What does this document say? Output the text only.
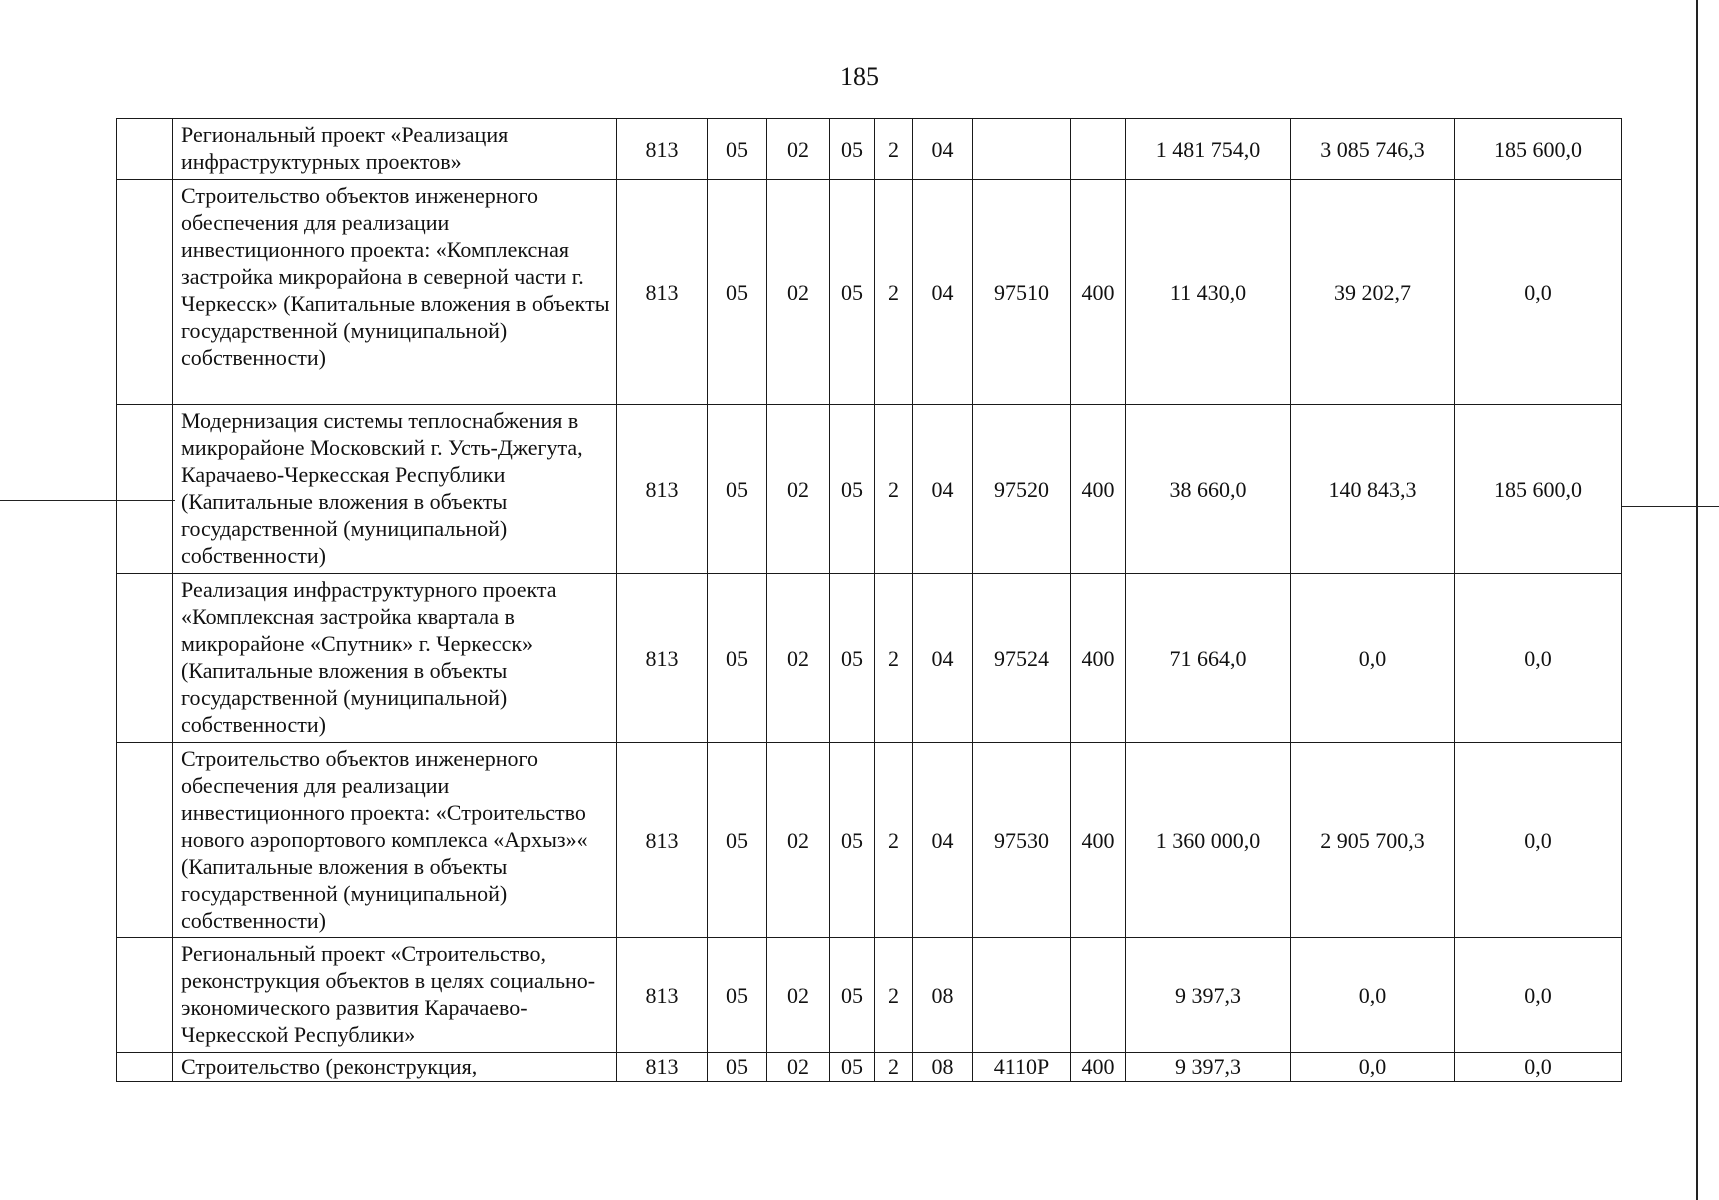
185
	Региональный проект «Реализация инфраструктурных проектов»	813	05	02	05	2	04			1 481 754,0	3 085 746,3	185 600,0
	Строительство объектов инженерного обеспечения для реализации инвестиционного проекта: «Комплексная застройка микрорайона в северной части г. Черкесск» (Капитальные вложения в объекты государственной (муниципальной) собственности)	813	05	02	05	2	04	97510	400	11 430,0	39 202,7	0,0
	Модернизация системы теплоснабжения в микрорайоне Московский г. Усть-Джегута, Карачаево-Черкесская Республики (Капитальные вложения в объекты государственной (муниципальной) собственности)	813	05	02	05	2	04	97520	400	38 660,0	140 843,3	185 600,0
	Реализация инфраструктурного проекта «Комплексная застройка квартала в микрорайоне «Спутник» г. Черкесск» (Капитальные вложения в объекты государственной (муниципальной) собственности)	813	05	02	05	2	04	97524	400	71 664,0	0,0	0,0
	Строительство объектов инженерного обеспечения для реализации инвестиционного проекта: «Строительство нового аэропортового комплекса «Архыз»« (Капитальные вложения в объекты государственной (муниципальной) собственности)	813	05	02	05	2	04	97530	400	1 360 000,0	2 905 700,3	0,0
	Региональный проект «Строительство, реконструкция объектов в целях социально-экономического развития Карачаево-Черкесской Республики»	813	05	02	05	2	08			9 397,3	0,0	0,0
	Строительство (реконструкция,	813	05	02	05	2	08	4110Р	400	9 397,3	0,0	0,0
